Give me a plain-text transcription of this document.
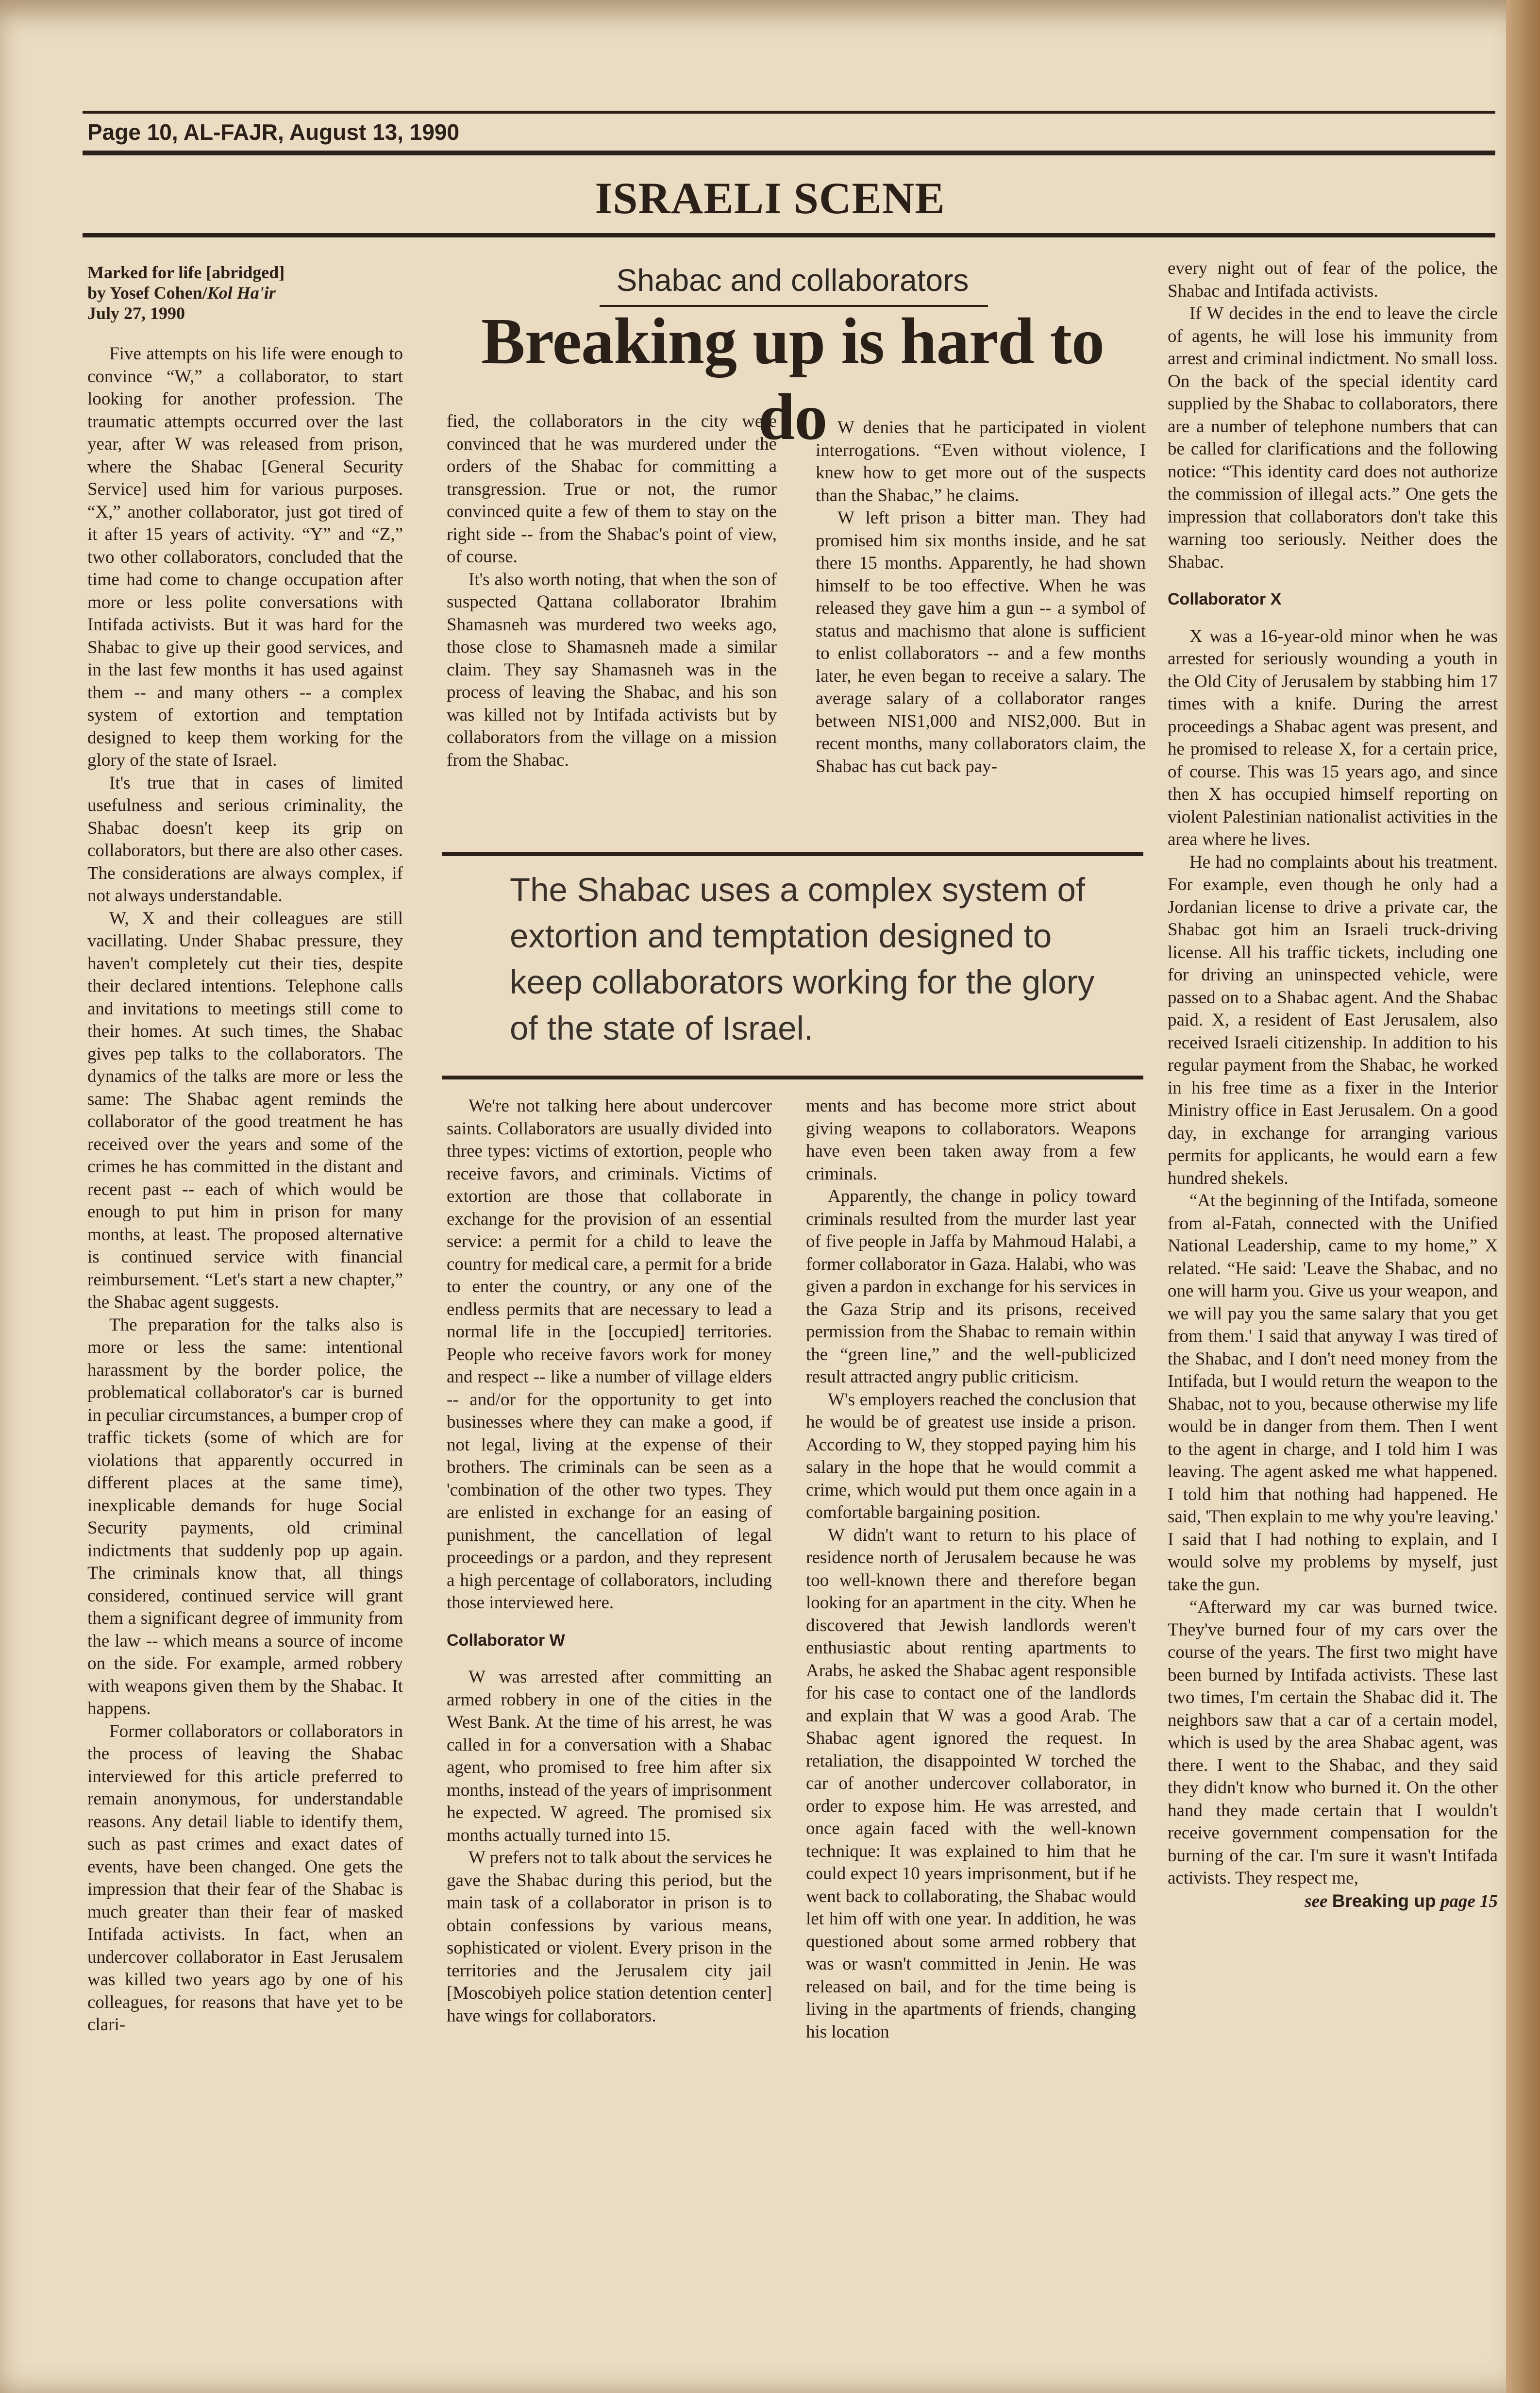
Page 10, AL-FAJR, August 13, 1990
ISRAELI SCENE
Marked for life [abridged]
by Yosef Cohen/Kol Ha'ir
July 27, 1990

Five attempts on his life were enough to convince “W,” a collaborator, to start looking for another profession. The traumatic attempts occurred over the last year, after W was released from prison, where the Shabac [General Security Service] used him for various purposes. “X,” another collaborator, just got tired of it after 15 years of activity. “Y” and “Z,” two other collaborators, concluded that the time had come to change occupation after more or less polite conversations with Intifada activists. But it was hard for the Shabac to give up their good services, and in the last few months it has used against them -- and many others -- a complex system of extortion and temptation designed to keep them working for the glory of the state of Israel.

It's true that in cases of limited usefulness and serious criminality, the Shabac doesn't keep its grip on collaborators, but there are also other cases. The considerations are always complex, if not always understandable.

W, X and their colleagues are still vacillating. Under Shabac pressure, they haven't completely cut their ties, despite their declared intentions. Telephone calls and invitations to meetings still come to their homes. At such times, the Shabac gives pep talks to the collaborators. The dynamics of the talks are more or less the same: The Shabac agent reminds the collaborator of the good treatment he has received over the years and some of the crimes he has committed in the distant and recent past -- each of which would be enough to put him in prison for many months, at least. The proposed alternative is continued service with financial reimbursement. “Let's start a new chapter,” the Shabac agent suggests.

The preparation for the talks also is more or less the same: intentional harassment by the border police, the problematical collaborator's car is burned in peculiar circumstances, a bumper crop of traffic tickets (some of which are for violations that apparently occurred in different places at the same time), inexplicable demands for huge Social Security payments, old criminal indictments that suddenly pop up again. The criminals know that, all things considered, continued service will grant them a significant degree of immunity from the law -- which means a source of income on the side. For example, armed robbery with weapons given them by the Shabac. It happens.

Former collaborators or collaborators in the process of leaving the Shabac interviewed for this article preferred to remain anonymous, for understandable reasons. Any detail liable to identify them, such as past crimes and exact dates of events, have been changed. One gets the impression that their fear of the Shabac is much greater than their fear of masked Intifada activists. In fact, when an undercover collaborator in East Jerusalem was killed two years ago by one of his colleagues, for reasons that have yet to be clari-

Shabac and collaborators
Breaking up is hard to do

fied, the collaborators in the city were convinced that he was murdered under the orders of the Shabac for committing a transgression. True or not, the rumor convinced quite a few of them to stay on the right side -- from the Shabac's point of view, of course.

It's also worth noting, that when the son of suspected Qattana collaborator Ibrahim Shamasneh was murdered two weeks ago, those close to Shamasneh made a similar claim. They say Shamasneh was in the process of leaving the Shabac, and his son was killed not by Intifada activists but by collaborators from the village on a mission from the Shabac.

W denies that he participated in violent interrogations. “Even without violence, I knew how to get more out of the suspects than the Shabac,” he claims.

W left prison a bitter man. They had promised him six months inside, and he sat there 15 months. Apparently, he had shown himself to be too effective. When he was released they gave him a gun -- a symbol of status and machismo that alone is sufficient to enlist collaborators -- and a few months later, he even began to receive a salary. The average salary of a collaborator ranges between NIS1,000 and NIS2,000. But in recent months, many collaborators claim, the Shabac has cut back pay-

The Shabac uses a complex system of extortion and temptation designed to keep collaborators working for the glory of the state of Israel.

We're not talking here about undercover saints. Collaborators are usually divided into three types: victims of extortion, people who receive favors, and criminals. Victims of extortion are those that collaborate in exchange for the provision of an essential service: a permit for a child to leave the country for medical care, a permit for a bride to enter the country, or any one of the endless permits that are necessary to lead a normal life in the [occupied] territories. People who receive favors work for money and respect -- like a number of village elders -- and/or for the opportunity to get into businesses where they can make a good, if not legal, living at the expense of their brothers. The criminals can be seen as a 'combination of the other two types. They are enlisted in exchange for an easing of punishment, the cancellation of legal proceedings or a pardon, and they represent a high percentage of collaborators, including those interviewed here.

Collaborator W

W was arrested after committing an armed robbery in one of the cities in the West Bank. At the time of his arrest, he was called in for a conversation with a Shabac agent, who promised to free him after six months, instead of the years of imprisonment he expected. W agreed. The promised six months actually turned into 15.

W prefers not to talk about the services he gave the Shabac during this period, but the main task of a collaborator in prison is to obtain confessions by various means, sophisticated or violent. Every prison in the territories and the Jerusalem city jail [Moscobiyeh police station detention center] have wings for collaborators.

ments and has become more strict about giving weapons to collaborators. Weapons have even been taken away from a few criminals.

Apparently, the change in policy toward criminals resulted from the murder last year of five people in Jaffa by Mahmoud Halabi, a former collaborator in Gaza. Halabi, who was given a pardon in exchange for his services in the Gaza Strip and its prisons, received permission from the Shabac to remain within the “green line,” and the well-publicized result attracted angry public criticism.

W's employers reached the conclusion that he would be of greatest use inside a prison. According to W, they stopped paying him his salary in the hope that he would commit a crime, which would put them once again in a comfortable bargaining position.

W didn't want to return to his place of residence north of Jerusalem because he was too well-known there and therefore began looking for an apartment in the city. When he discovered that Jewish landlords weren't enthusiastic about renting apartments to Arabs, he asked the Shabac agent responsible for his case to contact one of the landlords and explain that W was a good Arab. The Shabac agent ignored the request. In retaliation, the disappointed W torched the car of another undercover collaborator, in order to expose him. He was arrested, and once again faced with the well-known technique: It was explained to him that he could expect 10 years imprisonment, but if he went back to collaborating, the Shabac would let him off with one year. In addition, he was questioned about some armed robbery that was or wasn't committed in Jenin. He was released on bail, and for the time being is living in the apartments of friends, changing his location

every night out of fear of the police, the Shabac and Intifada activists.

If W decides in the end to leave the circle of agents, he will lose his immunity from arrest and criminal indictment. No small loss. On the back of the special identity card supplied by the Shabac to collaborators, there are a number of telephone numbers that can be called for clarifications and the following notice: “This identity card does not authorize the commission of illegal acts.” One gets the impression that collaborators don't take this warning too seriously. Neither does the Shabac.

Collaborator X

X was a 16-year-old minor when he was arrested for seriously wounding a youth in the Old City of Jerusalem by stabbing him 17 times with a knife. During the arrest proceedings a Shabac agent was present, and he promised to release X, for a certain price, of course. This was 15 years ago, and since then X has occupied himself reporting on violent Palestinian nationalist activities in the area where he lives.

He had no complaints about his treatment. For example, even though he only had a Jordanian license to drive a private car, the Shabac got him an Israeli truck-driving license. All his traffic tickets, including one for driving an uninspected vehicle, were passed on to a Shabac agent. And the Shabac paid. X, a resident of East Jerusalem, also received Israeli citizenship. In addition to his regular payment from the Shabac, he worked in his free time as a fixer in the Interior Ministry office in East Jerusalem. On a good day, in exchange for arranging various permits for applicants, he would earn a few hundred shekels.

“At the beginning of the Intifada, someone from al-Fatah, connected with the Unified National Leadership, came to my home,” X related. “He said: 'Leave the Shabac, and no one will harm you. Give us your weapon, and we will pay you the same salary that you get from them.' I said that anyway I was tired of the Shabac, and I don't need money from the Intifada, but I would return the weapon to the Shabac, not to you, because otherwise my life would be in danger from them. Then I went to the agent in charge, and I told him I was leaving. The agent asked me what happened. I told him that nothing had happened. He said, 'Then explain to me why you're leaving.' I said that I had nothing to explain, and I would solve my problems by myself, just take the gun.

“Afterward my car was burned twice. They've burned four of my cars over the course of the years. The first two might have been burned by Intifada activists. These last two times, I'm certain the Shabac did it. The neighbors saw that a car of a certain model, which is used by the area Shabac agent, was there. I went to the Shabac, and they said they didn't know who burned it. On the other hand they made certain that I wouldn't receive government compensation for the burning of the car. I'm sure it wasn't Intifada activists. They respect me,

see Breaking up page 15
